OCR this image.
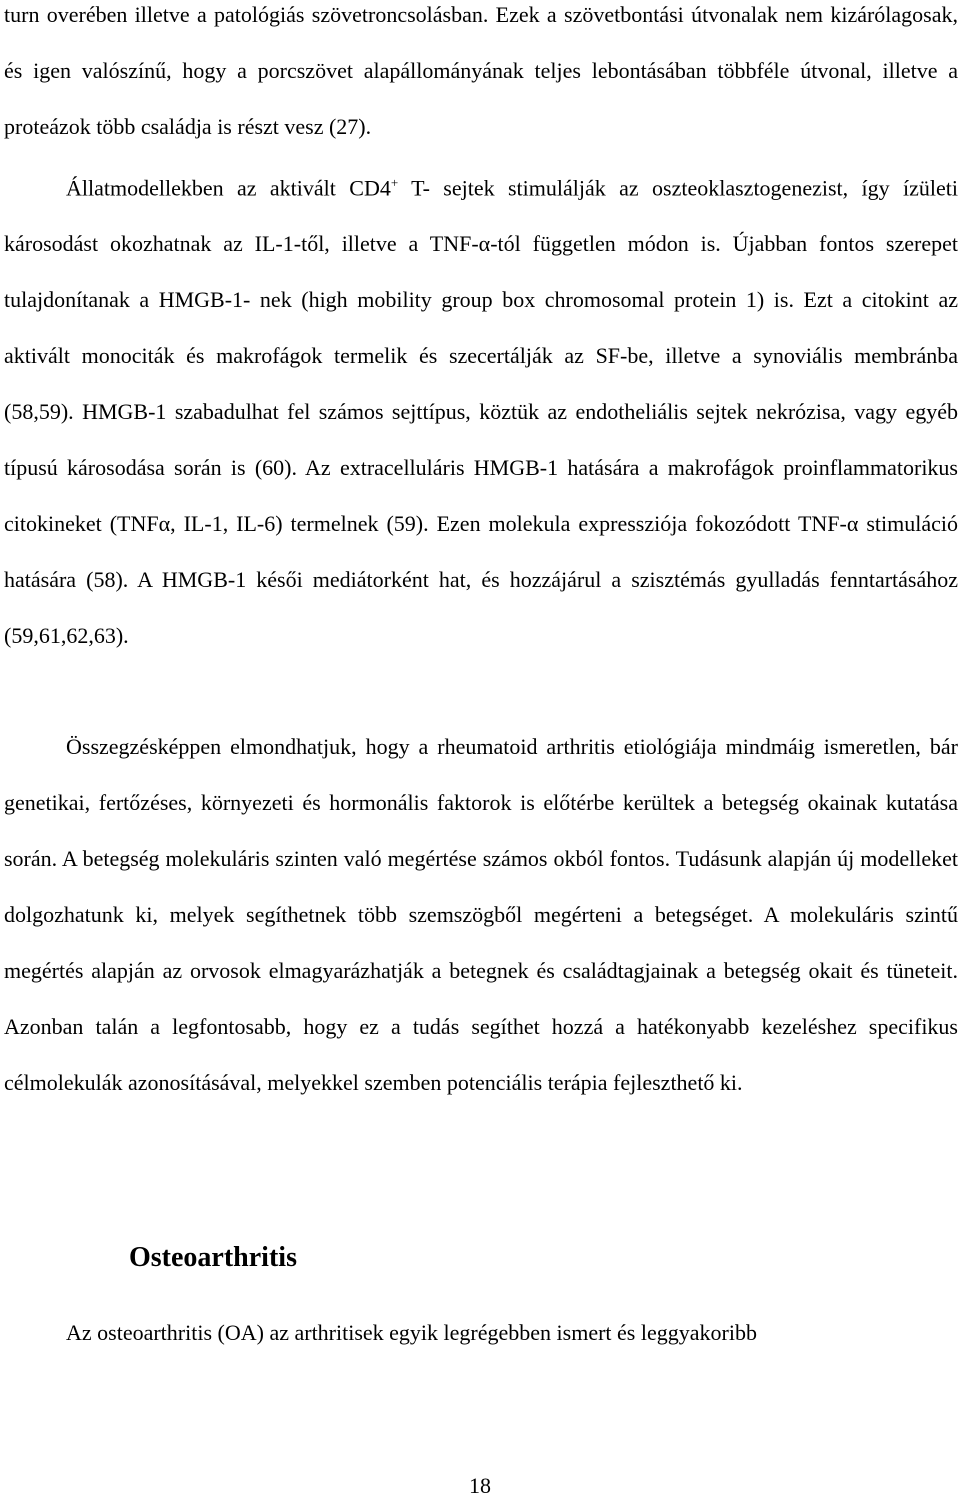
turn overében illetve a patológiás szövetroncsolásban. Ezek a szövetbontási útvonalak nem kizárólagosak, és igen valószínű, hogy a porcszövet alapállományának teljes lebontásában többféle útvonal, illetve a proteázok több családja is részt vesz (27).
Állatmodellekben az aktivált CD4+ T- sejtek stimulálják az oszteoklasztogenezist, így ízületi károsodást okozhatnak az IL-1-től, illetve a TNF-α-tól független módon is. Újabban fontos szerepet tulajdonítanak a HMGB-1- nek (high mobility group box chromosomal protein 1) is. Ezt a citokint az aktivált monociták és makrofágok termelik és szecertálják az SF-be, illetve a synoviális membránba (58,59). HMGB-1 szabadulhat fel számos sejttípus, köztük az endotheliális sejtek nekrózisa, vagy egyéb típusú károsodása során is (60). Az extracelluláris HMGB-1 hatására a makrofágok proinflammatorikus citokineket (TNFα, IL-1, IL-6) termelnek (59). Ezen molekula expressziója fokozódott TNF-α stimuláció hatására (58). A HMGB-1 késői mediátorként hat, és hozzájárul a szisztémás gyulladás fenntartásához (59,61,62,63).

Összegzésképpen elmondhatjuk, hogy a rheumatoid arthritis etiológiája mindmáig ismeretlen, bár genetikai, fertőzéses, környezeti és hormonális faktorok is előtérbe kerültek a betegség okainak kutatása során. A betegség molekuláris szinten való megértése számos okból fontos. Tudásunk alapján új modelleket dolgozhatunk ki, melyek segíthetnek több szemszögből megérteni a betegséget. A molekuláris szintű megértés alapján az orvosok elmagyarázhatják a betegnek és családtagjainak a betegség okait és tüneteit. Azonban talán a legfontosabb, hogy ez a tudás segíthet hozzá a hatékonyabb kezeléshez specifikus célmolekulák azonosításával, melyekkel szemben potenciális terápia fejleszthető ki.

Osteoarthritis

Az osteoarthritis (OA) az arthritisek egyik legrégebben ismert és leggyakoribb

18
